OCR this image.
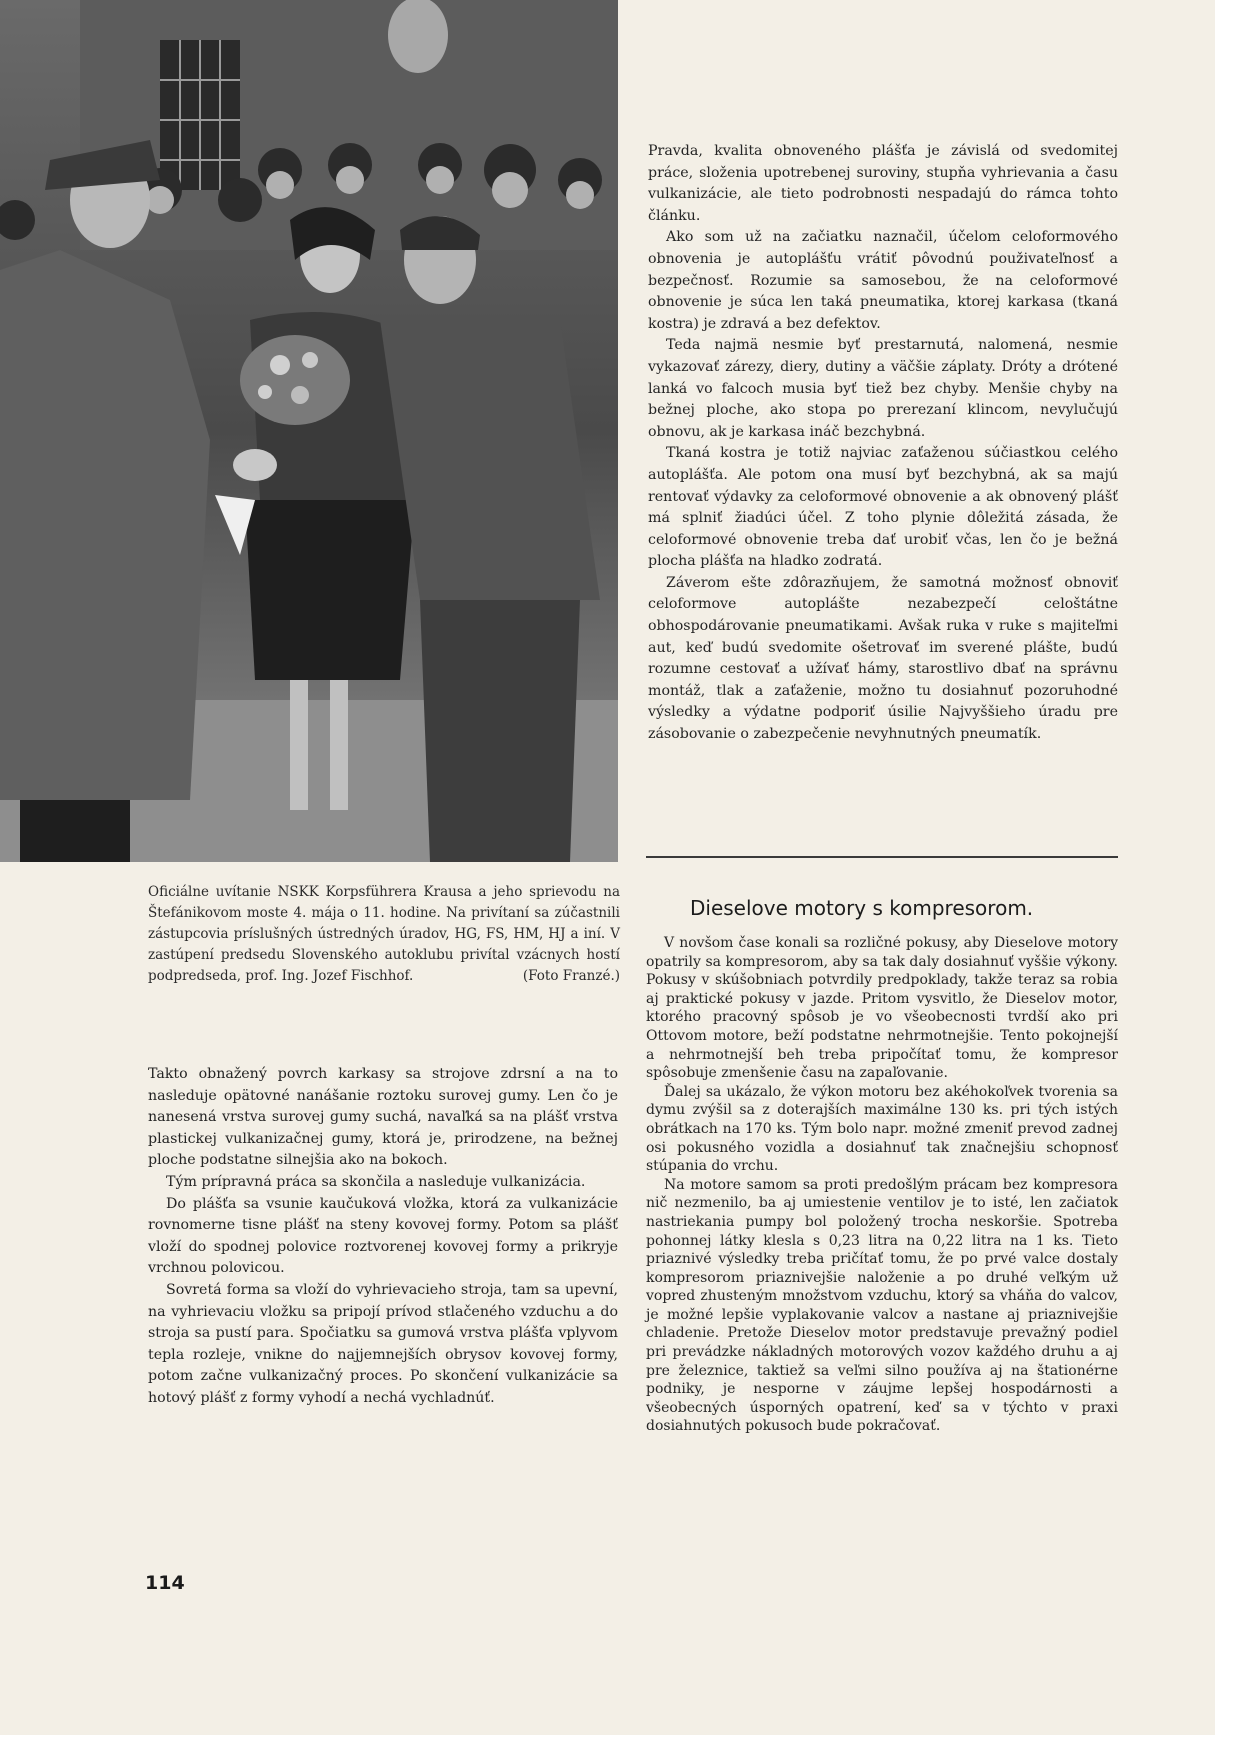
Oficiálne uvítanie NSKK Korpsführera Krausa a jeho sprievodu na Štefánikovom moste 4. mája o 11. hodine. Na privítaní sa zúčastnili zástupcovia príslušných ústredných úradov, HG, FS, HM, HJ a iní. V zastúpení predsedu Slovenského autoklubu privítal vzácnych hostí podpredseda, prof. Ing. Jozef Fischhof.	(Foto Franzé.)

Pravda, kvalita obnoveného plášťa je závislá od svedomitej práce, složenia upotrebenej suroviny, stupňa vyhrievania a času vulkanizácie, ale tieto podrobnosti nespadajú do rámca tohto článku.

Ako som už na začiatku naznačil, účelom celoformového obnovenia je autoplášťu vrátiť pôvodnú použivateľnosť a bezpečnosť. Rozumie sa samosebou, že na celoformové obnovenie je súca len taká pneumatika, ktorej karkasa (tkaná kostra) je zdravá a bez defektov.

Teda najmä nesmie byť prestarnutá, nalomená, nesmie vykazovať zárezy, diery, dutiny a väčšie záplaty. Dróty a drótené lanká vo falcoch musia byť tiež bez chyby. Menšie chyby na bežnej ploche, ako stopa po prerezaní klincom, nevylučujú obnovu, ak je karkasa ináč bezchybná.

Tkaná kostra je totiž najviac zaťaženou súčiastkou celého autoplášťa. Ale potom ona musí byť bezchybná, ak sa majú rentovať výdavky za celoformové obnovenie a ak obnovený plášť má splniť žiadúci účel. Z toho plynie dôležitá zásada, že celoformové obnovenie treba dať urobiť včas, len čo je bežná plocha plášťa na hladko zodratá.

Záverom ešte zdôrazňujem, že samotná možnosť obnoviť celoformove autoplášte nezabezpečí celoštátne obhospodárovanie pneumatikami. Avšak ruka v ruke s majiteľmi aut, keď budú svedomite ošetrovať im sverené plášte, budú rozumne cestovať a užívať hámy, starostlivo dbať na správnu montáž, tlak a zaťaženie, možno tu dosiahnuť pozoruhodné výsledky a výdatne podporiť úsilie Najvyššieho úradu pre zásobovanie o zabezpečenie nevyhnutných pneumatík.

Dieselove motory s kompresorom.

V novšom čase konali sa rozličné pokusy, aby Dieselove motory opatrily sa kompresorom, aby sa tak daly dosiahnuť vyššie výkony. Pokusy v skúšobniach potvrdily predpoklady, takže teraz sa robia aj praktické pokusy v jazde. Pritom vysvitlo, že Dieselov motor, ktorého pracovný spôsob je vo všeobecnosti tvrdší ako pri Ottovom motore, beží podstatne nehrmotnejšie. Tento pokojnejší a nehrmotnejší beh treba pripočítať tomu, že kompresor spôsobuje zmenšenie času na zapaľovanie.

Ďalej sa ukázalo, že výkon motoru bez akéhokoľvek tvorenia sa dymu zvýšil sa z doterajších maximálne 130 ks. pri tých istých obrátkach na 170 ks. Tým bolo napr. možné zmeniť prevod zadnej osi pokusného vozidla a dosiahnuť tak značnejšiu schopnosť stúpania do vrchu.

Na motore samom sa proti predošlým prácam bez kompresora nič nezmenilo, ba aj umiestenie ventilov je to isté, len začiatok nastriekania pumpy bol položený trocha neskoršie. Spotreba pohonnej látky klesla s 0,23 litra na 0,22 litra na 1 ks. Tieto priaznivé výsledky treba pričítať tomu, že po prvé valce dostaly kompresorom priaznivejšie naloženie a po druhé veľkým už vopred zhusteným množstvom vzduchu, ktorý sa vháňa do valcov, je možné lepšie vyplakovanie valcov a nastane aj priaznivejšie chladenie. Pretože Dieselov motor predstavuje prevažný podiel pri prevádzke nákladných motorových vozov každého druhu a aj pre železnice, taktiež sa veľmi silno používa aj na štationérne podniky, je nesporne v záujme lepšej hospodárnosti a všeobecných úsporných opatrení, keď sa v týchto v praxi dosiahnutých pokusoch bude pokračovať.

Takto obnažený povrch karkasy sa strojove zdrsní a na to nasleduje opätovné nanášanie roztoku surovej gumy. Len čo je nanesená vrstva surovej gumy suchá, navaľká sa na plášť vrstva plastickej vulkanizačnej gumy, ktorá je, prirodzene, na bežnej ploche podstatne silnejšia ako na bokoch.

Tým prípravná práca sa skončila a nasleduje vulkanizácia.

Do plášťa sa vsunie kaučuková vložka, ktorá za vulkanizácie rovnomerne tisne plášť na steny kovovej formy. Potom sa plášť vloží do spodnej polovice roztvorenej kovovej formy a prikryje vrchnou polovicou.

Sovretá forma sa vloží do vyhrievacieho stroja, tam sa upevní, na vyhrievaciu vložku sa pripojí prívod stlačeného vzduchu a do stroja sa pustí para. Spočiatku sa gumová vrstva plášťa vplyvom tepla rozleje, vnikne do najjemnejších obrysov kovovej formy, potom začne vulkanizačný proces. Po skončení vulkanizácie sa hotový plášť z formy vyhodí a nechá vychladnúť.

114
